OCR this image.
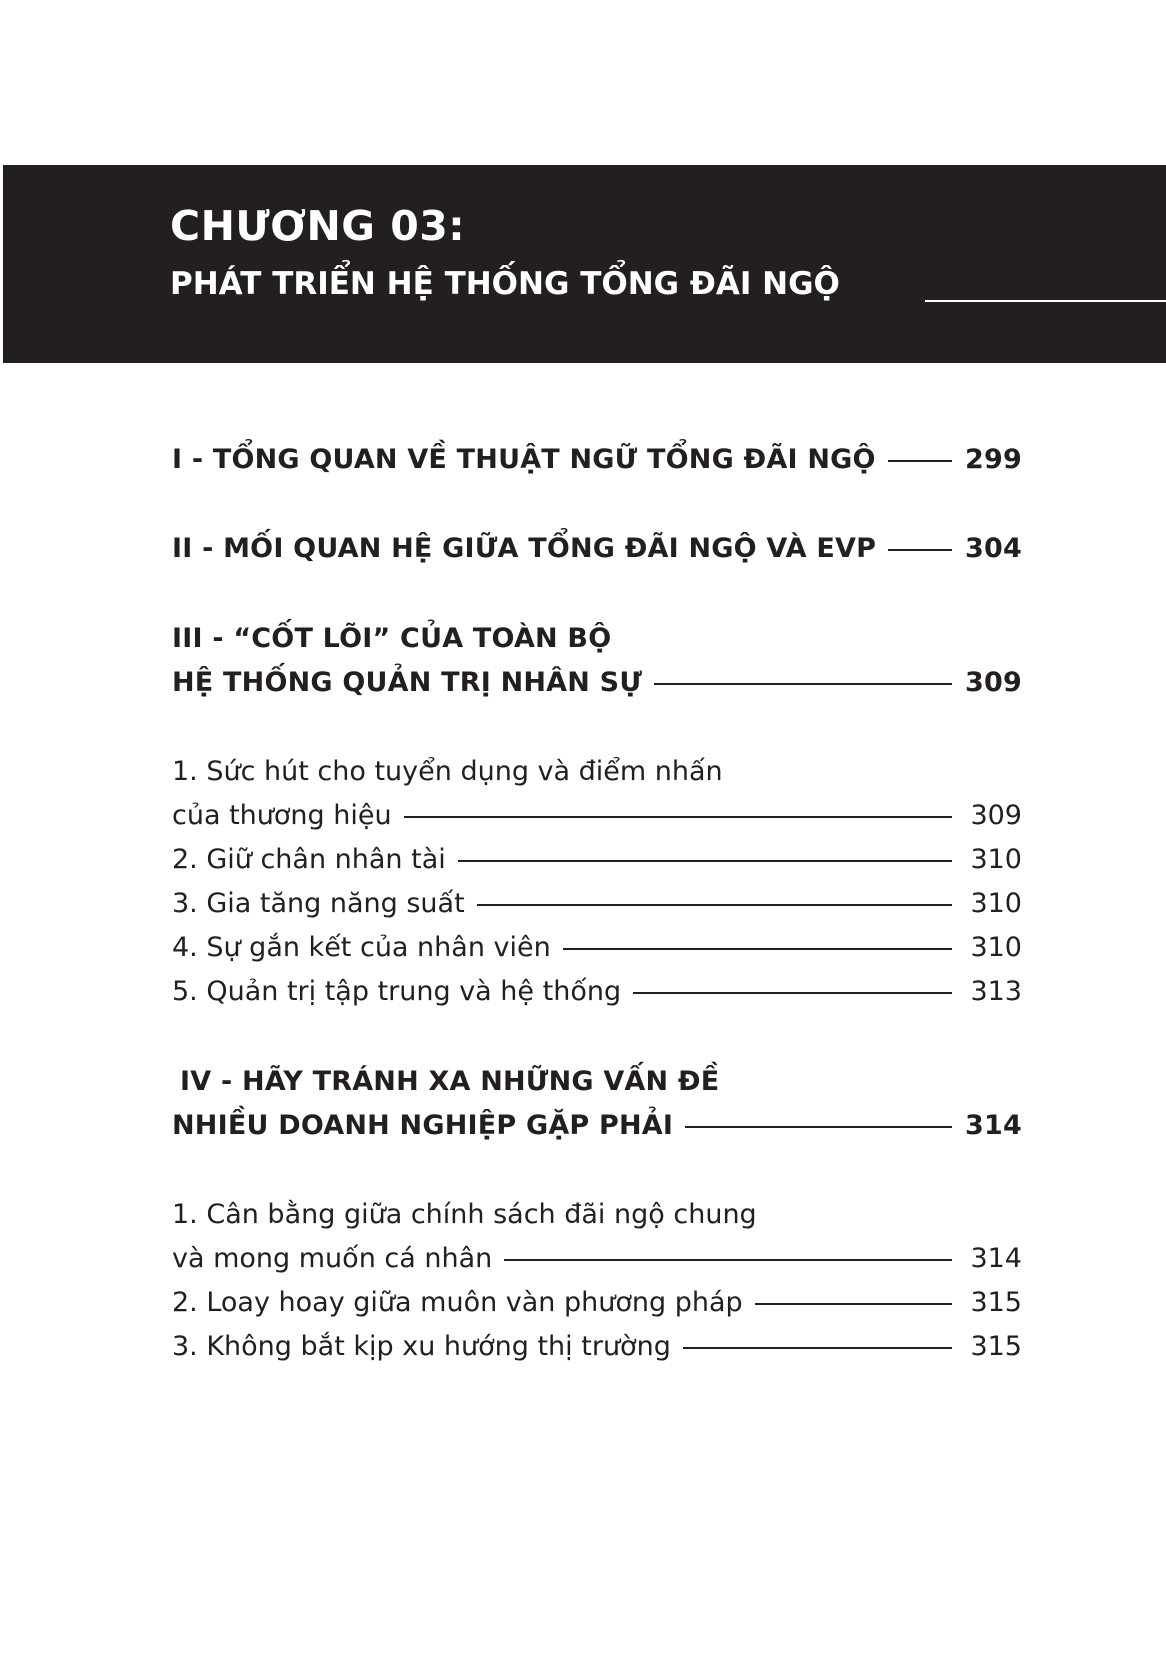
CHƯƠNG 03:
PHÁT TRIỂN HỆ THỐNG TỔNG ĐÃI NGỘ
I - TỔNG QUAN VỀ THUẬT NGỮ TỔNG ĐÃI NGỘ	299
II - MỐI QUAN HỆ GIỮA TỔNG ĐÃI NGỘ VÀ EVP	304
III - “CỐT LÕI” CỦA TOÀN BỘ
HỆ THỐNG QUẢN TRỊ NHÂN SỰ	309
1. Sức hút cho tuyển dụng và điểm nhấn
của thương hiệu	309
2. Giữ chân nhân tài	310
3. Gia tăng năng suất	310
4. Sự gắn kết của nhân viên	310
5. Quản trị tập trung và hệ thống	313
IV - HÃY TRÁNH XA NHỮNG VẤN ĐỀ
NHIỀU DOANH NGHIỆP GẶP PHẢI	314
1. Cân bằng giữa chính sách đãi ngộ chung
và mong muốn cá nhân	314
2. Loay hoay giữa muôn vàn phương pháp	315
3. Không bắt kịp xu hướng thị trường	315
